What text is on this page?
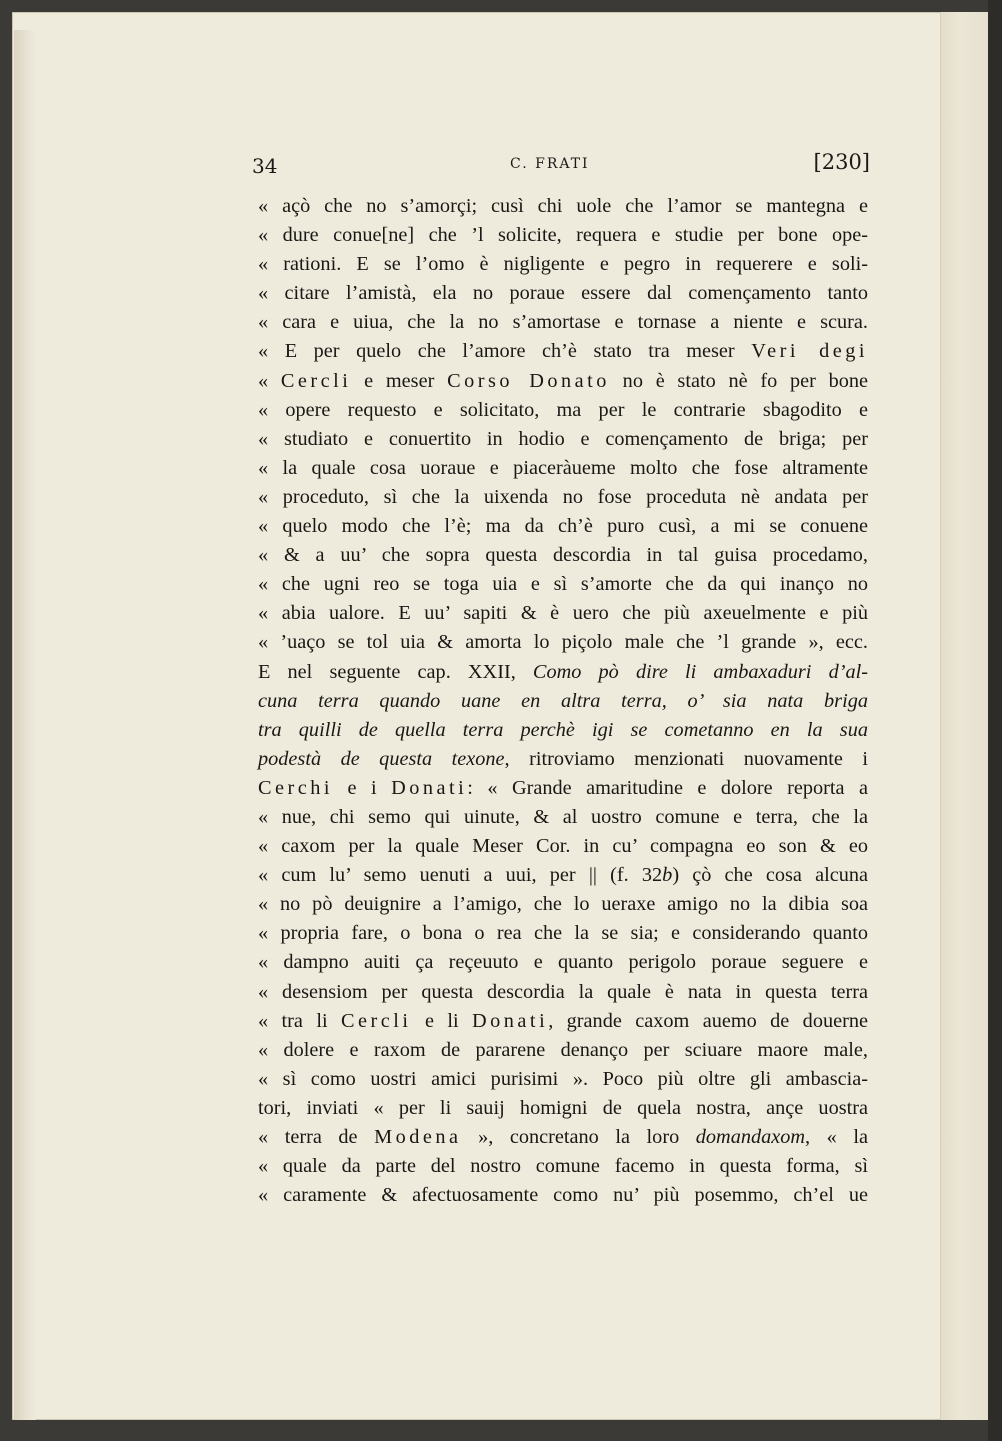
34	C. FRATI	[230]
« açò che no s’amorçi; cusì chi uole che l’amor se mantegna e
« dure conue[ne] che ’l solicite, requera e studie per bone ope-
« rationi. E se l’omo è nigligente e pegro in requerere e soli-
« citare l’amistà, ela no poraue essere dal començamento tanto
« cara e uiua, che la no s’amortase e tornase a niente e scura.
« E per quelo che l’amore ch’è stato tra meser Veri degi
« Cercli e meser Corso Donato no è stato nè fo per bone
« opere requesto e solicitato, ma per le contrarie sbagodito e
« studiato e conuertito in hodio e començamento de briga; per
« la quale cosa uoraue e piaceràueme molto che fose altramente
« proceduto, sì che la uixenda no fose proceduta nè andata per
« quelo modo che l’è; ma da ch’è puro cusì, a mi se conuene
« & a uu’ che sopra questa descordia in tal guisa procedamo,
« che ugni reo se toga uia e sì s’amorte che da qui inanço no
« abia ualore. E uu’ sapiti & è uero che più axeuelmente e più
« ’uaço se tol uia & amorta lo piçolo male che ’l grande », ecc.
E nel seguente cap. XXII, Como pò dire li ambaxaduri d’al-
cuna terra quando uane en altra terra, o’ sia nata briga
tra quilli de quella terra perchè igi se cometanno en la sua
podestà de questa texone, ritroviamo menzionati nuovamente i
Cerchi e i Donati: « Grande amaritudine e dolore reporta a
« nue, chi semo qui uinute, & al uostro comune e terra, che la
« caxom per la quale Meser Cor. in cu’ compagna eo son & eo
« cum lu’ semo uenuti a uui, per || (f. 32b) çò che cosa alcuna
« no pò deuignire a l’amigo, che lo ueraxe amigo no la dibia soa
« propria fare, o bona o rea che la se sia; e considerando quanto
« dampno auiti ça reçeuuto e quanto perigolo poraue seguere e
« desensiom per questa descordia la quale è nata in questa terra
« tra li Cercli e li Donati, grande caxom auemo de douerne
« dolere e raxom de pararene denanço per sciuare maore male,
« sì como uostri amici purisimi ». Poco più oltre gli ambascia-
tori, inviati « per li sauij homigni de quela nostra, ançe uostra
« terra de Modena », concretano la loro domandaxom, « la
« quale da parte del nostro comune facemo in questa forma, sì
« caramente & afectuosamente como nu’ più posemmo, ch’el ue
